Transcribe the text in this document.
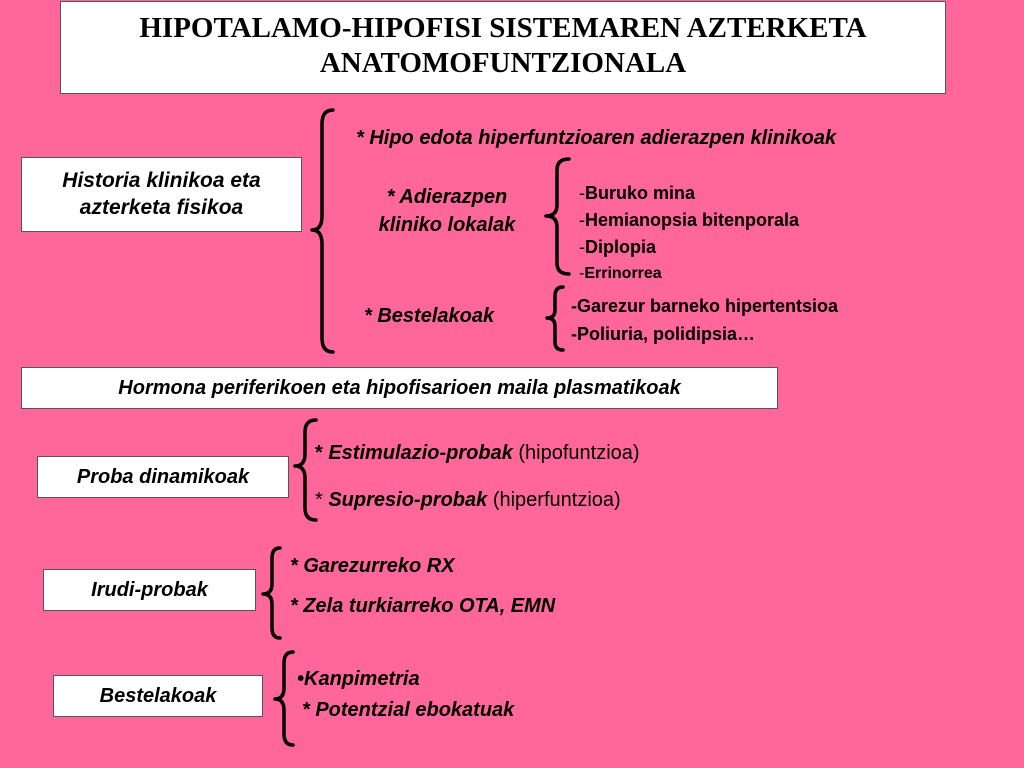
HIPOTALAMO-HIPOFISI SISTEMAREN AZTERKETA
ANATOMOFUNTZIONALA
Historia klinikoa eta
azterketa fisikoa
* Hipo edota hiperfuntzioaren adierazpen klinikoak
* Adierazpen
kliniko lokalak
-Buruko mina
-Hemianopsia bitenporala
-Diplopia
-Errinorrea
* Bestelakoak	-Garezur barneko hipertentsioa
-Poliuria, polidipsia…
Hormona periferikoen eta hipofisarioen maila plasmatikoak
Proba dinamikoak
* Estimulazio-probak (hipofuntzioa)
* Supresio-probak (hiperfuntzioa)
Irudi-probak
* Garezurreko RX
* Zela turkiarreko OTA, EMN
Bestelakoak
•Kanpimetria
* Potentzial ebokatuak
